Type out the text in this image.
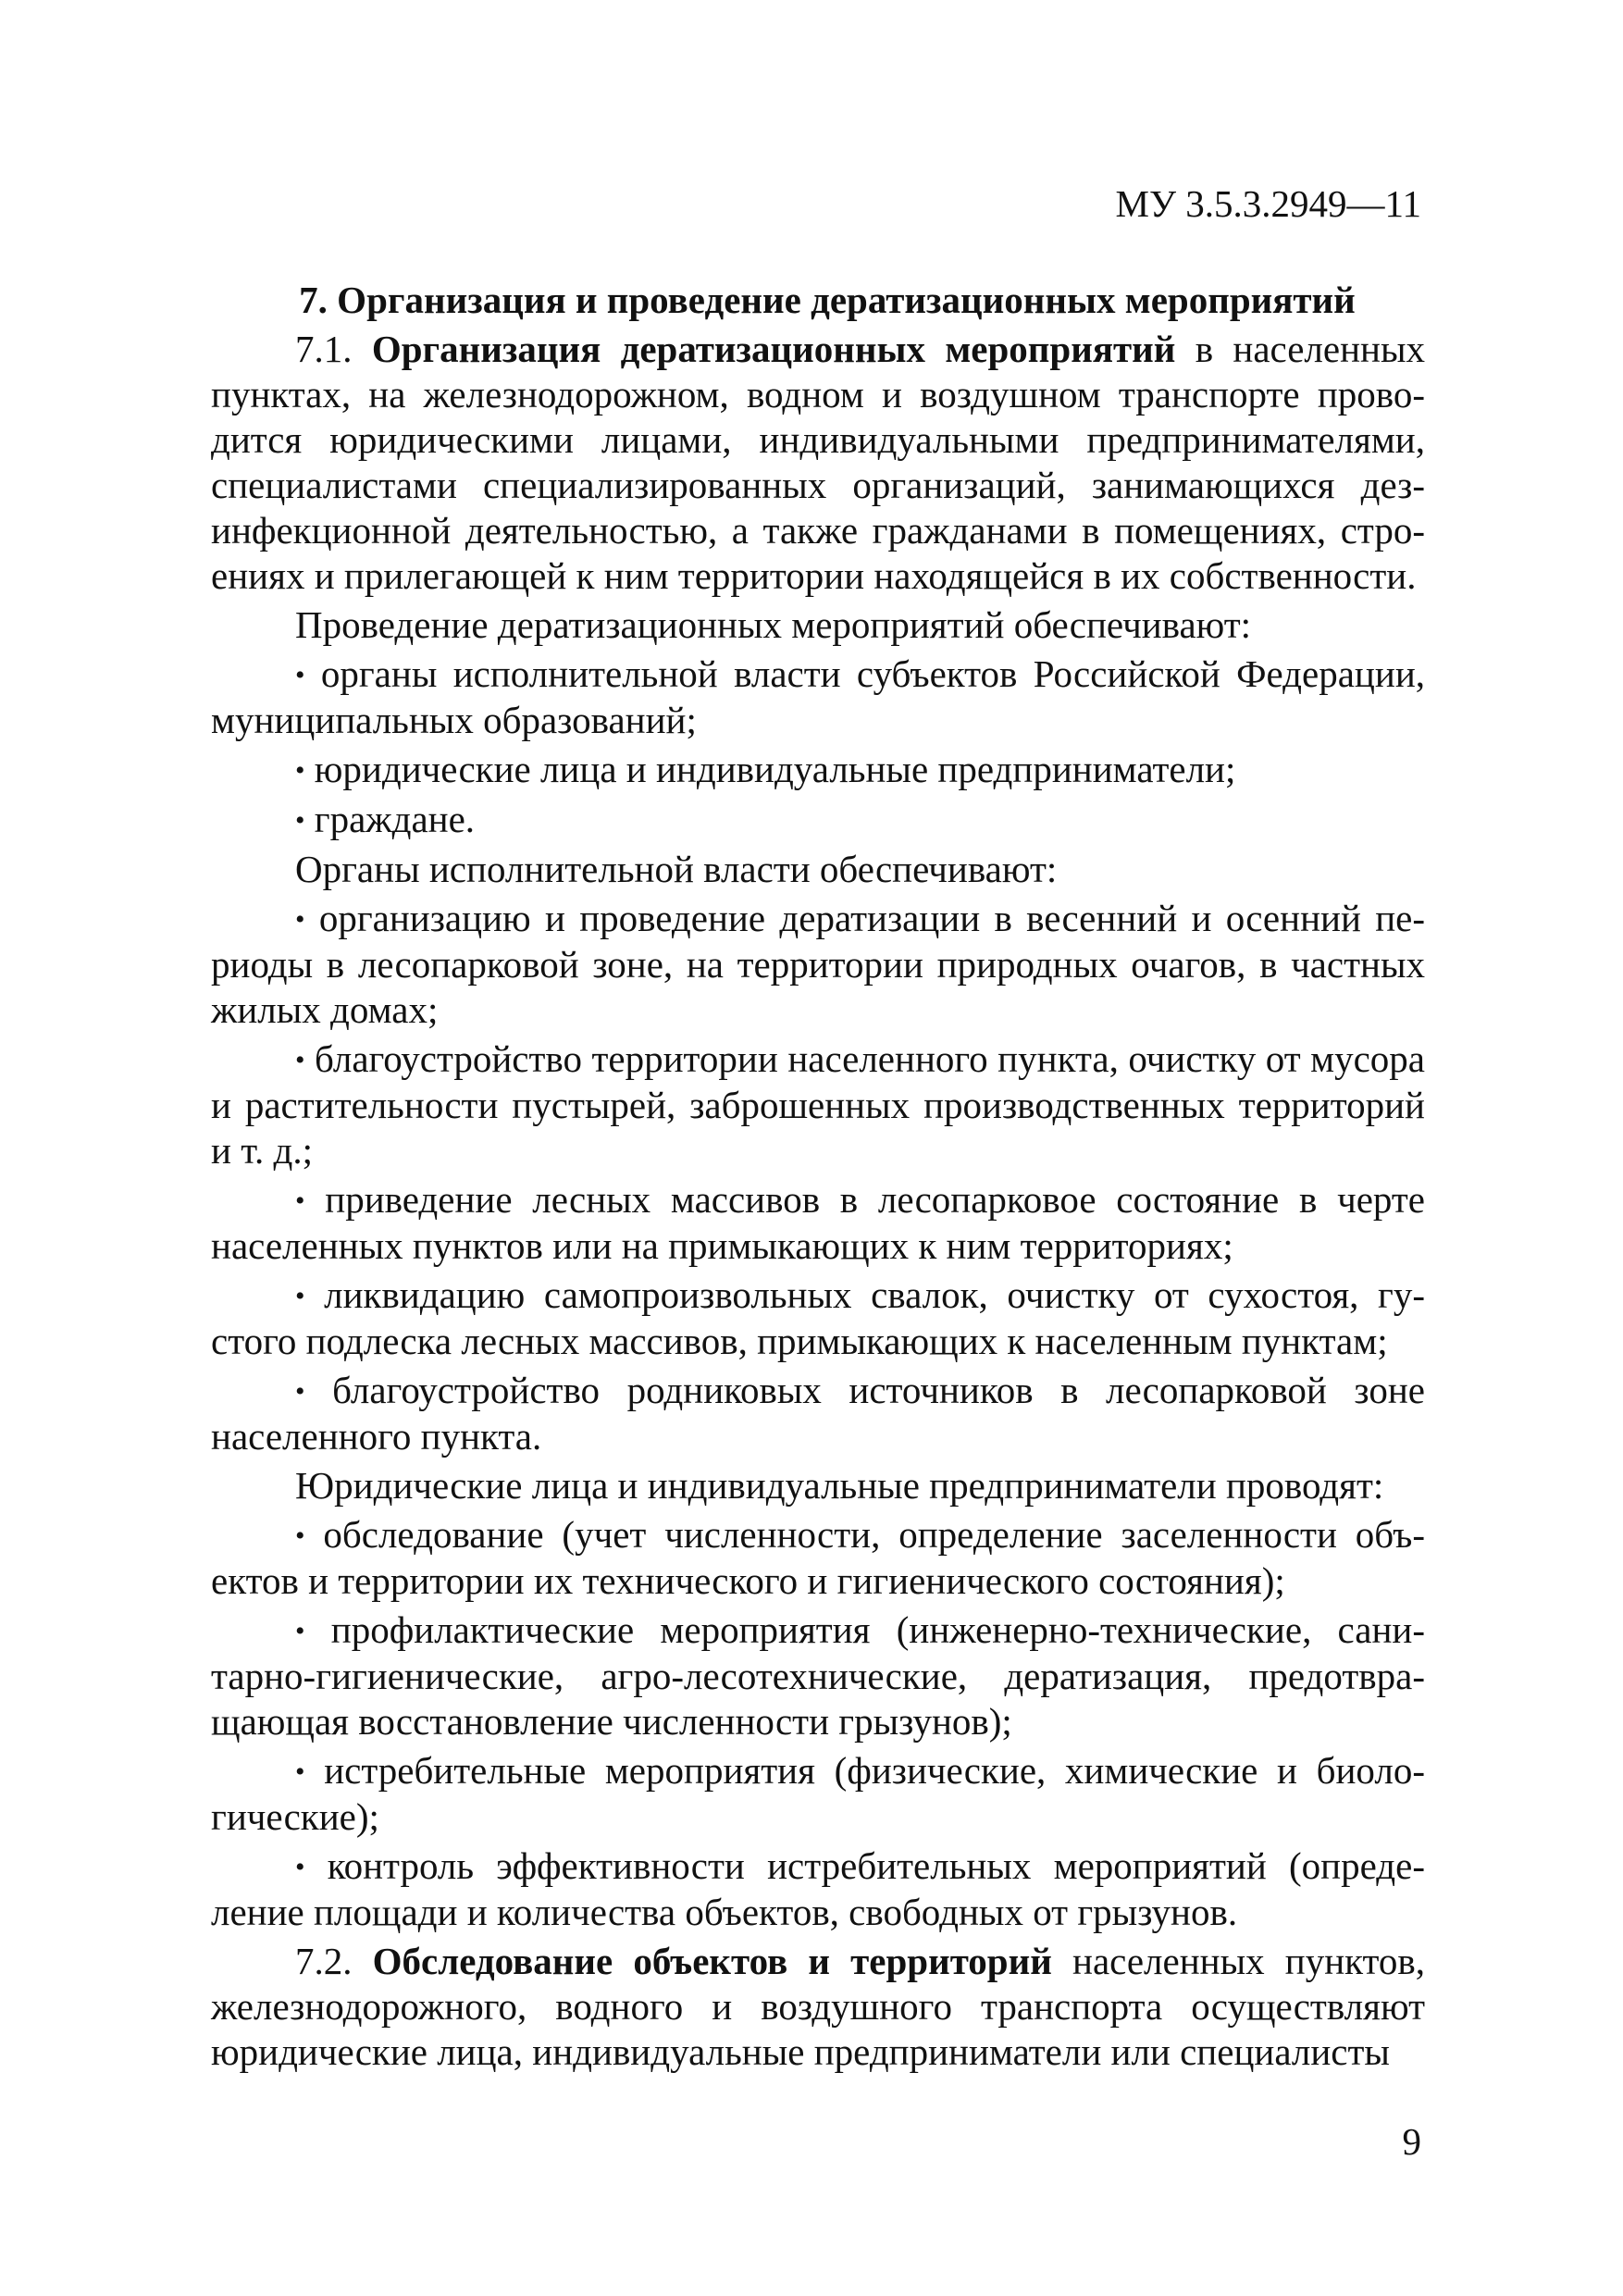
МУ 3.5.3.2949—11
7. Организация и проведение дератизационных мероприятий

7.1. Организация дератизационных мероприятий в населенных пунктах, на железнодорожном, водном и воздушном транспорте проводится юридическими лицами, индивидуальными предпринимателями, специалистами специализированных организаций, занимающихся дезинфекционной деятельностью, а также гражданами в помещениях, строениях и прилегающей к ним территории находящейся в их собственности.

Проведение дератизационных мероприятий обеспечивают:

• органы исполнительной власти субъектов Российской Федерации, муниципальных образований;

• юридические лица и индивидуальные предприниматели;

• граждане.

Органы исполнительной власти обеспечивают:

• организацию и проведение дератизации в весенний и осенний периоды в лесопарковой зоне, на территории природных очагов, в частных жилых домах;

• благоустройство территории населенного пункта, очистку от мусора и растительности пустырей, заброшенных производственных территорий и т. д.;

• приведение лесных массивов в лесопарковое состояние в черте населенных пунктов или на примыкающих к ним территориях;

• ликвидацию самопроизвольных свалок, очистку от сухостоя, густого подлеска лесных массивов, примыкающих к населенным пунктам;

• благоустройство родниковых источников в лесопарковой зоне населенного пункта.

Юридические лица и индивидуальные предприниматели проводят:

• обследование (учет численности, определение заселенности объектов и территории их технического и гигиенического состояния);

• профилактические мероприятия (инженерно-технические, санитарно-гигиенические, агро-лесотехнические, дератизация, предотвращающая восстановление численности грызунов);

• истребительные мероприятия (физические, химические и биологические);

• контроль эффективности истребительных мероприятий (определение площади и количества объектов, свободных от грызунов.

7.2. Обследование объектов и территорий населенных пунктов, железнодорожного, водного и воздушного транспорта осуществляют юридические лица, индивидуальные предприниматели или специалисты

9
